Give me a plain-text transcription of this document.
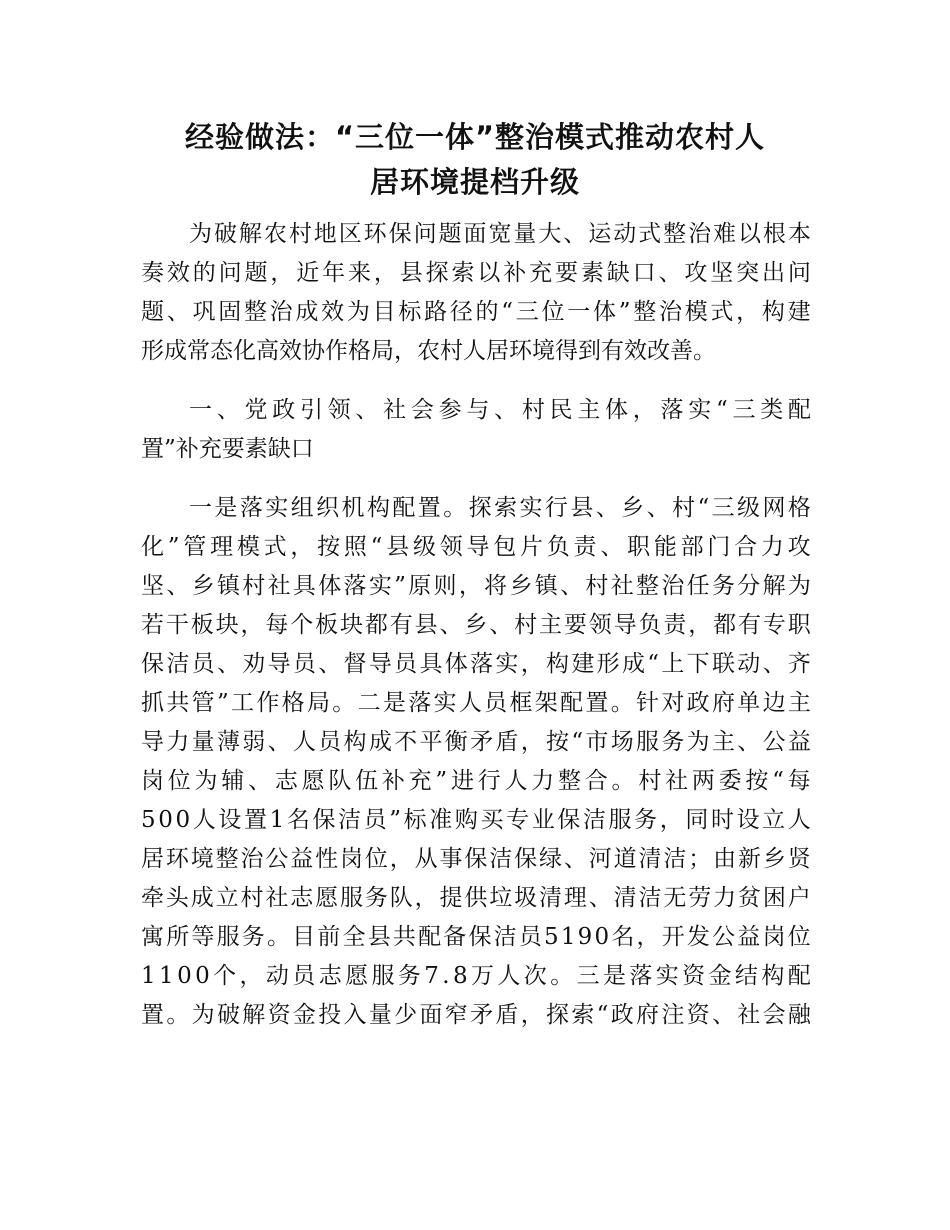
经验做法：“三位一体”整治模式推动农村人
居环境提档升级
为 破 解 农 村 地 区 环 保 问 题 面 宽 量 大 、 运 动 式 整 治 难 以 根 本
奏 效 的 问 题 ， 近 年 来 ， 县 探 索 以 补 充 要 素 缺 口 、 攻 坚 突 出 问
题 、 巩 固 整 治 成 效 为 目 标 路 径 的 “ 三 位 一 体 ” 整 治 模 式 ， 构 建
形成常态化高效协作格局，农村人居环境得到有效改善。
一 、 党 政 引 领 、 社 会 参 与 、 村 民 主 体 ， 落 实 “ 三 类 配
置”补充要素缺口
一 是 落 实 组 织 机 构 配 置 。 探 索 实 行 县 、 乡 、 村 “ 三 级 网 格
化 ” 管 理 模 式 ， 按 照 “ 县 级 领 导 包 片 负 责 、 职 能 部 门 合 力 攻
坚 、 乡 镇 村 社 具 体 落 实 ” 原 则 ， 将 乡 镇 、 村 社 整 治 任 务 分 解 为
若 干 板 块 ， 每 个 板 块 都 有 县 、 乡 、 村 主 要 领 导 负 责 ， 都 有 专 职
保 洁 员 、 劝 导 员 、 督 导 员 具 体 落 实 ， 构 建 形 成 “ 上 下 联 动 、 齐
抓 共 管 ” 工 作 格 局 。 二 是 落 实 人 员 框 架 配 置 。 针 对 政 府 单 边 主
导 力 量 薄 弱 、 人 员 构 成 不 平 衡 矛 盾 ， 按 “ 市 场 服 务 为 主 、 公 益
岗 位 为 辅 、 志 愿 队 伍 补 充 ” 进 行 人 力 整 合 。 村 社 两 委 按 “ 每
5 0 0 人 设 置 1 名 保 洁 员 ” 标 准 购 买 专 业 保 洁 服 务 ， 同 时 设 立 人
居 环 境 整 治 公 益 性 岗 位 ， 从 事 保 洁 保 绿 、 河 道 清 洁 ； 由 新 乡 贤
牵 头 成 立 村 社 志 愿 服 务 队 ， 提 供 垃 圾 清 理 、 清 洁 无 劳 力 贫 困 户
寓 所 等 服 务 。 目 前 全 县 共 配 备 保 洁 员 5 1 9 0 名 ， 开 发 公 益 岗 位
1 1 0 0 个 ， 动 员 志 愿 服 务 7 . 8 万 人 次 。 三 是 落 实 资 金 结 构 配
置 。 为 破 解 资 金 投 入 量 少 面 窄 矛 盾 ， 探 索 “ 政 府 注 资 、 社 会 融
